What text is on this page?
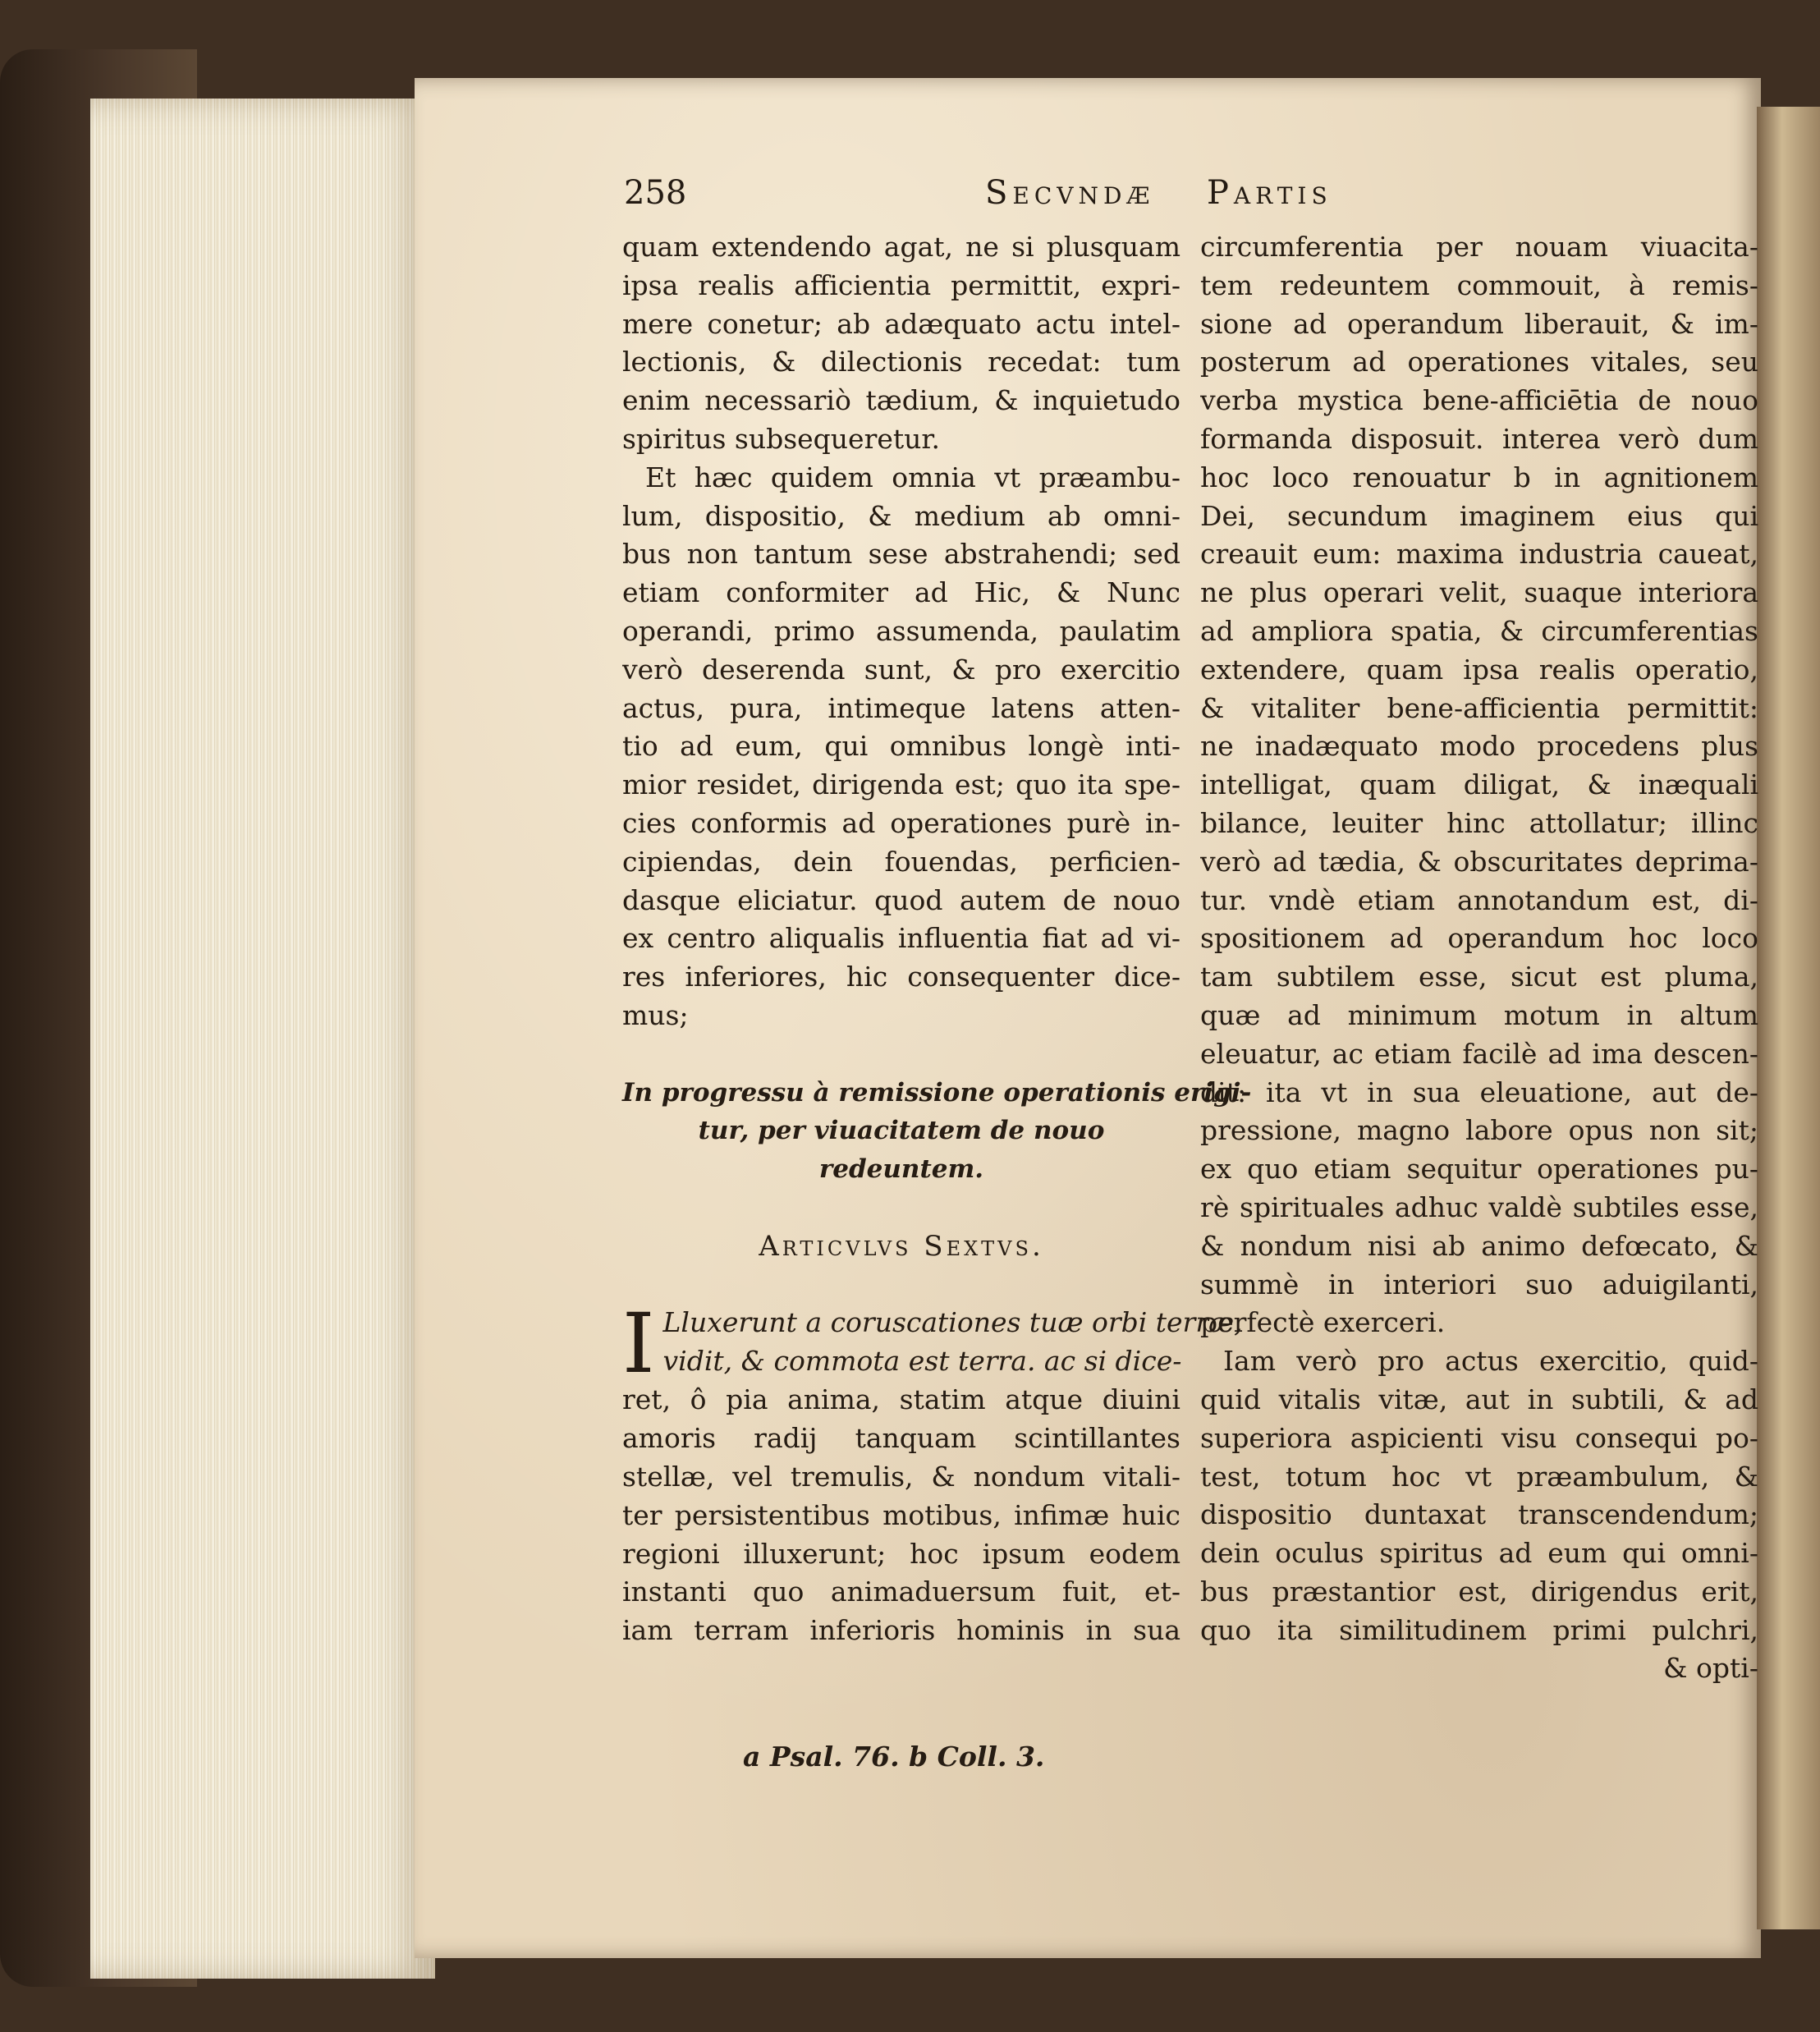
258	Secvndæ Partis
quam extendendo agat, ne si plusquam
ipsa realis afficientia permittit, expri-
mere conetur; ab adæquato actu intel-
lectionis, & dilectionis recedat: tum
enim necessariò tædium, & inquietudo
spiritus subsequeretur.
Et hæc quidem omnia vt præambu-
lum, dispositio, & medium ab omni-
bus non tantum sese abstrahendi; sed
etiam conformiter ad Hic, & Nunc
operandi, primo assumenda, paulatim
verò deserenda sunt, & pro exercitio
actus, pura, intimeque latens atten-
tio ad eum, qui omnibus longè inti-
mior residet, dirigenda est; quo ita spe-
cies conformis ad operationes purè in-
cipiendas, dein fouendas, perficien-
dasque eliciatur. quod autem de nouo
ex centro aliqualis influentia fiat ad vi-
res inferiores, hic consequenter dice-
mus;
In progressu à remissione operationis erigi-
tur, per viuacitatem de nouo
redeuntem.
Articvlvs Sextvs.
I Lluxerunt a coruscationes tuæ orbi terræ,
vidit, & commota est terra. ac si dice-
ret, ô pia anima, statim atque diuini
amoris radij tanquam scintillantes
stellæ, vel tremulis, & nondum vitali-
ter persistentibus motibus, infimæ huic
regioni illuxerunt; hoc ipsum eodem
instanti quo animaduersum fuit, et-
iam terram inferioris hominis in sua
circumferentia per nouam viuacita-
tem redeuntem commouit, à remis-
sione ad operandum liberauit, & im-
posterum ad operationes vitales, seu
verba mystica bene-afficiētia de nouo
formanda disposuit. interea verò dum
hoc loco renouatur b in agnitionem
Dei, secundum imaginem eius qui
creauit eum: maxima industria caueat,
ne plus operari velit, suaque interiora
ad ampliora spatia, & circumferentias
extendere, quam ipsa realis operatio,
& vitaliter bene-afficientia permittit:
ne inadæquato modo procedens plus
intelligat, quam diligat, & inæquali
bilance, leuiter hinc attollatur; illinc
verò ad tædia, & obscuritates deprima-
tur. vndè etiam annotandum est, di-
spositionem ad operandum hoc loco
tam subtilem esse, sicut est pluma,
quæ ad minimum motum in altum
eleuatur, ac etiam facilè ad ima descen-
dit: ita vt in sua eleuatione, aut de-
pressione, magno labore opus non sit;
ex quo etiam sequitur operationes pu-
rè spirituales adhuc valdè subtiles esse,
& nondum nisi ab animo defœcato, &
summè in interiori suo aduigilanti,
perfectè exerceri.
Iam verò pro actus exercitio, quid-
quid vitalis vitæ, aut in subtili, & ad
superiora aspicienti visu consequi po-
test, totum hoc vt præambulum, &
dispositio duntaxat transcendendum;
dein oculus spiritus ad eum qui omni-
bus præstantior est, dirigendus erit,
quo ita similitudinem primi pulchri,
& opti-
a Psal. 76. b Coll. 3.
